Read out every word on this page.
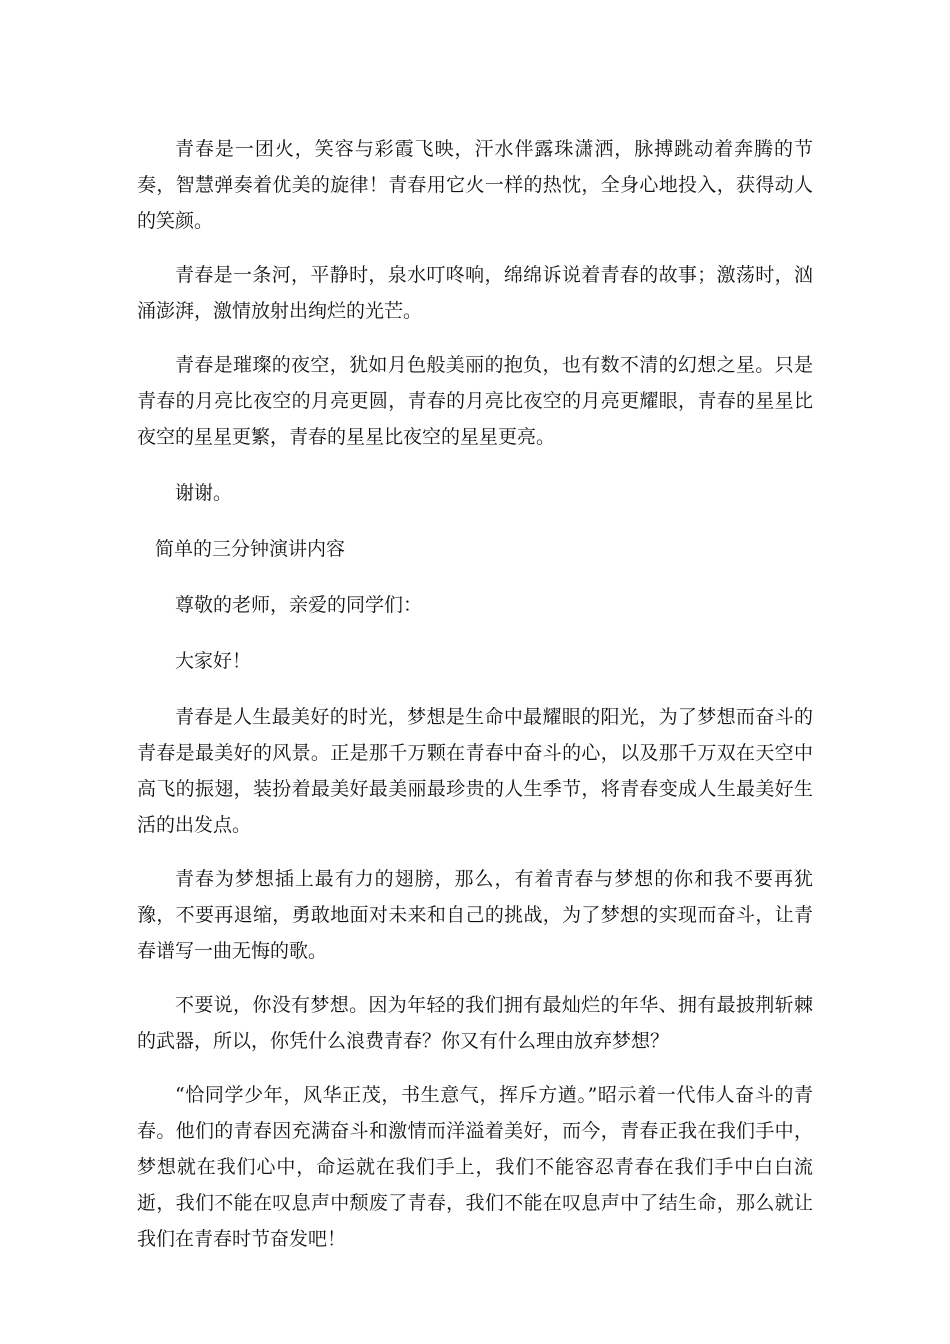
青春是一团火，笑容与彩霞飞映，汗水伴露珠潇洒，脉搏跳动着奔腾的节奏，智慧弹奏着优美的旋律！青春用它火一样的热忱，全身心地投入，获得动人的笑颜。

青春是一条河，平静时，泉水叮咚响，绵绵诉说着青春的故事；激荡时，汹涌澎湃，激情放射出绚烂的光芒。

青春是璀璨的夜空，犹如月色般美丽的抱负，也有数不清的幻想之星。只是青春的月亮比夜空的月亮更圆，青春的月亮比夜空的月亮更耀眼，青春的星星比夜空的星星更繁，青春的星星比夜空的星星更亮。

谢谢。

简单的三分钟演讲内容

尊敬的老师，亲爱的同学们：

大家好！

青春是人生最美好的时光，梦想是生命中最耀眼的阳光，为了梦想而奋斗的青春是最美好的风景。正是那千万颗在青春中奋斗的心，以及那千万双在天空中高飞的振翅，装扮着最美好最美丽最珍贵的人生季节，将青春变成人生最美好生活的出发点。

青春为梦想插上最有力的翅膀，那么，有着青春与梦想的你和我不要再犹豫，不要再退缩，勇敢地面对未来和自己的挑战，为了梦想的实现而奋斗，让青春谱写一曲无悔的歌。

不要说，你没有梦想。因为年轻的我们拥有最灿烂的年华、拥有最披荆斩棘的武器，所以，你凭什么浪费青春？你又有什么理由放弃梦想？

“恰同学少年，风华正茂，书生意气，挥斥方遒。”昭示着一代伟人奋斗的青春。他们的青春因充满奋斗和激情而洋溢着美好，而今，青春正我在我们手中，梦想就在我们心中，命运就在我们手上，我们不能容忍青春在我们手中白白流逝，我们不能在叹息声中颓废了青春，我们不能在叹息声中了结生命，那么就让我们在青春时节奋发吧！
